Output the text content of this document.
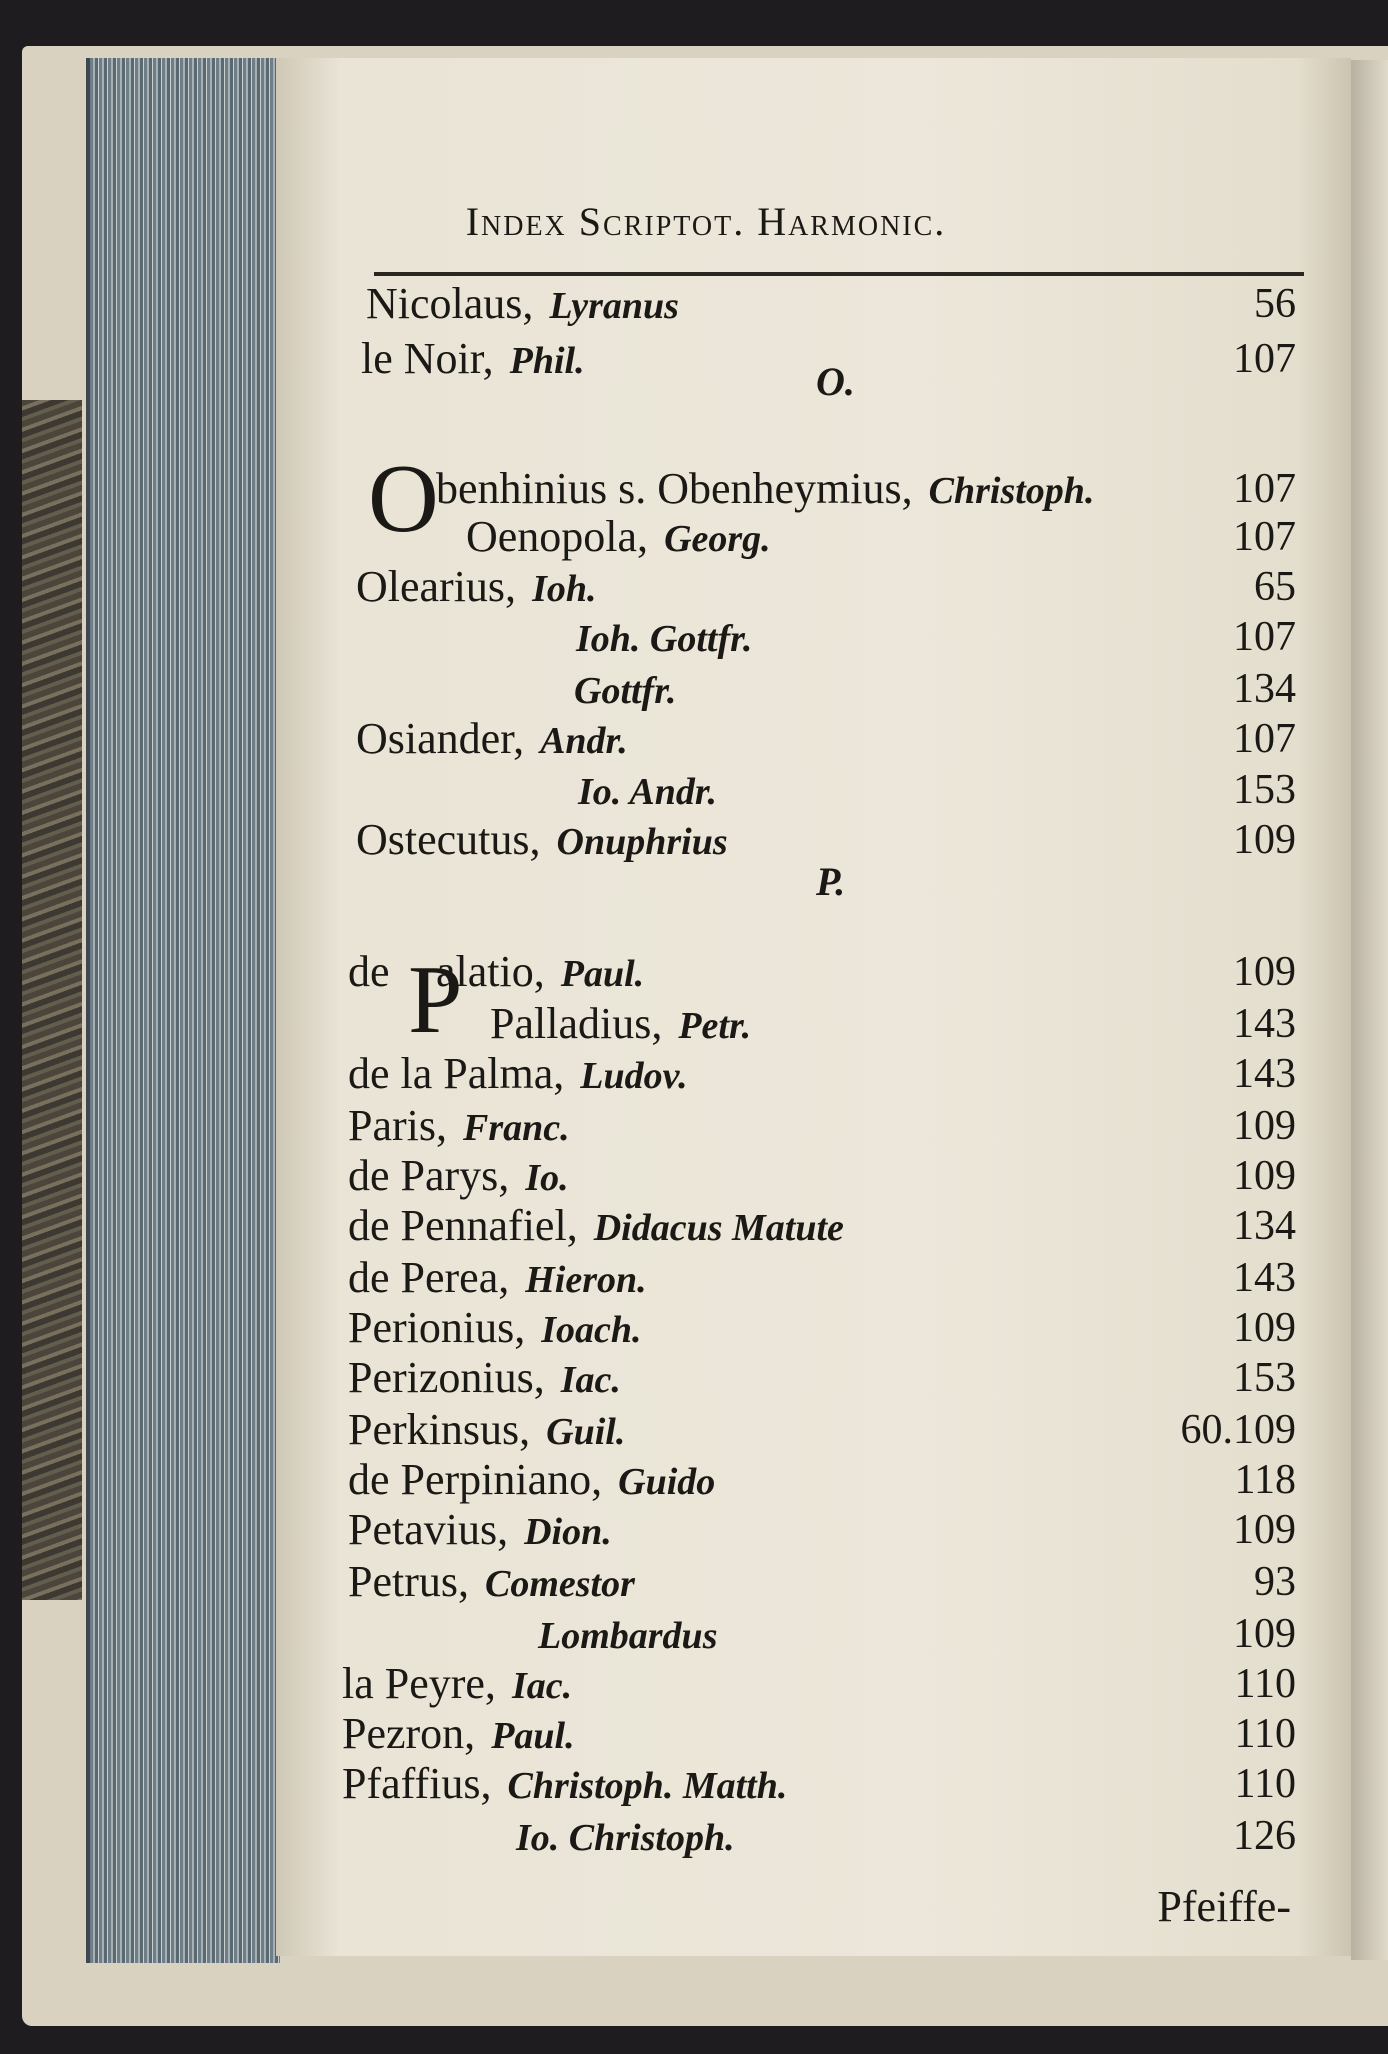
Index Scriptot. Harmonic.
O.
P.
O
P
Nicolaus, Lyranus	56
le Noir, Phil.	107
benhinius s. Obenheymius, Christoph.	107
Oenopola, Georg.	107
Olearius, Ioh.	65
Ioh. Gottfr.	107
Gottfr.	134
Osiander, Andr.	107
Io. Andr.	153
Ostecutus, Onuphrius	109
de alatio, Paul.	109
Palladius, Petr.	143
de la Palma, Ludov.	143
Paris, Franc.	109
de Parys, Io.	109
de Pennafiel, Didacus Matute	134
de Perea, Hieron.	143
Perionius, Ioach.	109
Perizonius, Iac.	153
Perkinsus, Guil.	60.109
de Perpiniano, Guido	118
Petavius, Dion.	109
Petrus, Comestor	93
Lombardus	109
la Peyre, Iac.	110
Pezron, Paul.	110
Pfaffius, Christoph. Matth.	110
Io. Christoph.	126
Pfeiffe-
